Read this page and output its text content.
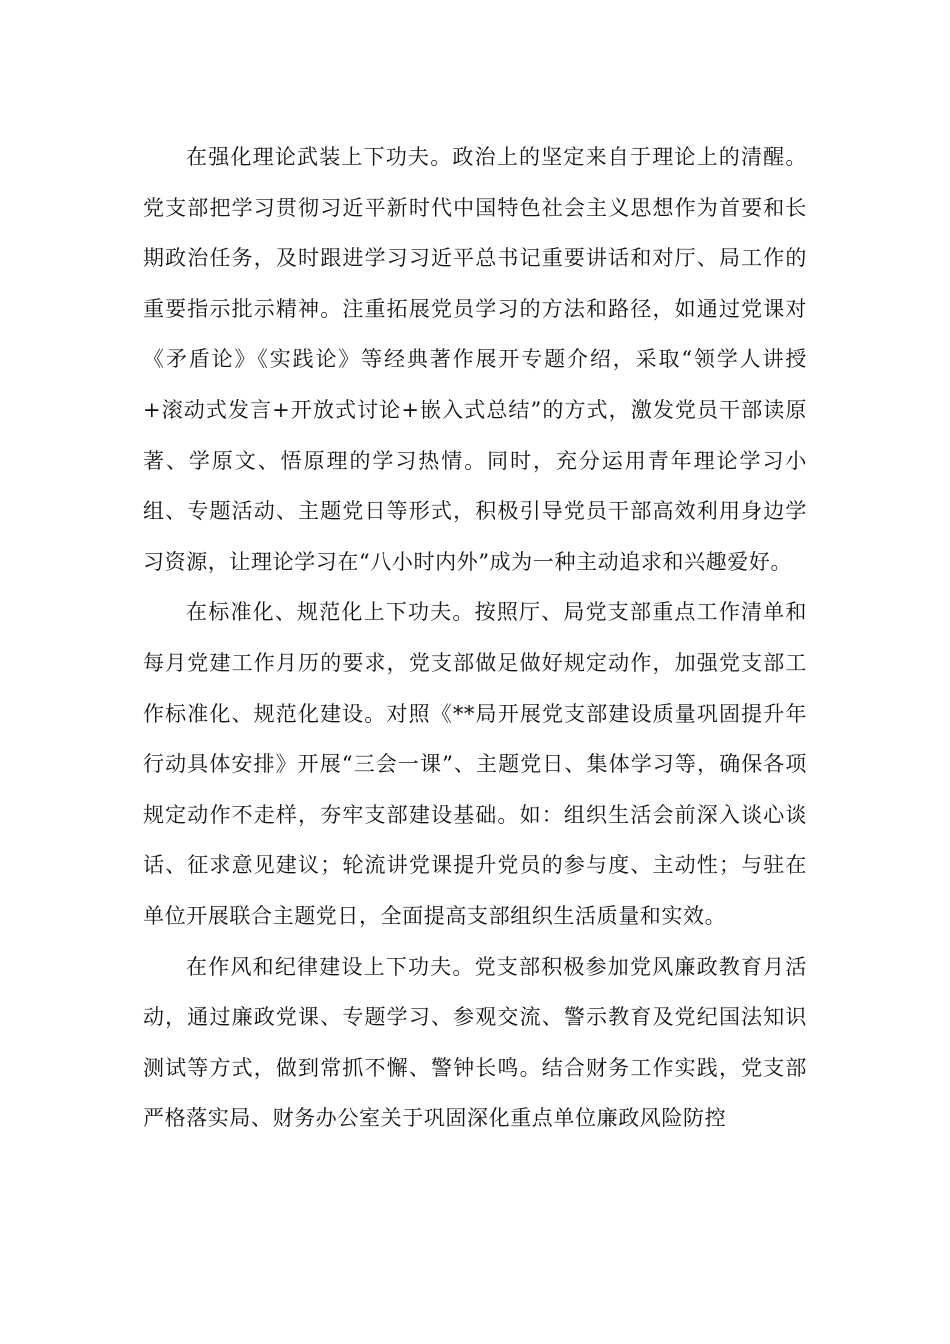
在强化理论武装上下功夫。政治上的坚定来自于理论上的清醒。党支部把学习贯彻习近平新时代中国特色社会主义思想作为首要和长期政治任务，及时跟进学习习近平总书记重要讲话和对厅、局工作的重要指示批示精神。注重拓展党员学习的方法和路径，如通过党课对《矛盾论》《实践论》等经典著作展开专题介绍，采取“领学人讲授+滚动式发言+开放式讨论+嵌入式总结”的方式，激发党员干部读原著、学原文、悟原理的学习热情。同时，充分运用青年理论学习小组、专题活动、主题党日等形式，积极引导党员干部高效利用身边学习资源，让理论学习在“八小时内外”成为一种主动追求和兴趣爱好。

在标准化、规范化上下功夫。按照厅、局党支部重点工作清单和每月党建工作月历的要求，党支部做足做好规定动作，加强党支部工作标准化、规范化建设。对照《**局开展党支部建设质量巩固提升年行动具体安排》开展“三会一课”、主题党日、集体学习等，确保各项规定动作不走样，夯牢支部建设基础。如：组织生活会前深入谈心谈话、征求意见建议；轮流讲党课提升党员的参与度、主动性；与驻在单位开展联合主题党日，全面提高支部组织生活质量和实效。

在作风和纪律建设上下功夫。党支部积极参加党风廉政教育月活动，通过廉政党课、专题学习、参观交流、警示教育及党纪国法知识测试等方式，做到常抓不懈、警钟长鸣。结合财务工作实践，党支部严格落实局、财务办公室关于巩固深化重点单位廉政风险防控
